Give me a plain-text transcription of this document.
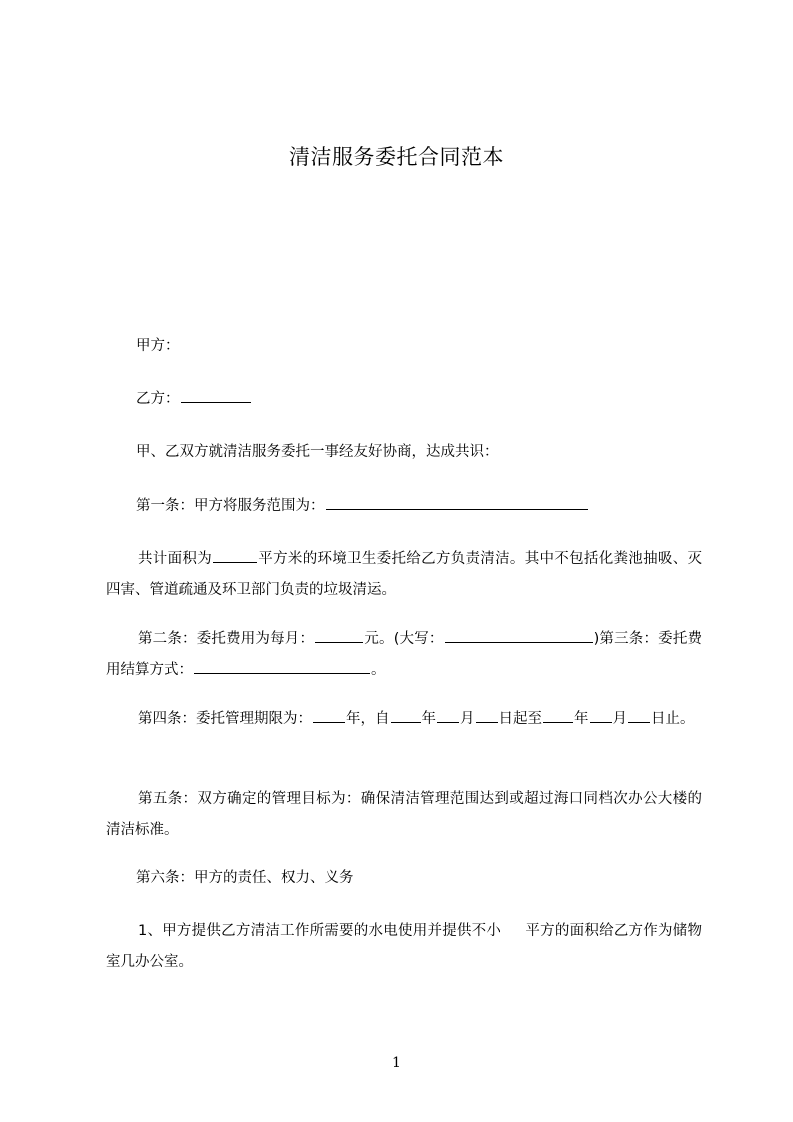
清洁服务委托合同范本
甲方：
乙方：
甲、乙双方就清洁服务委托一事经友好协商，达成共识：
第一条：甲方将服务范围为：
共计面积为	平方米的环境卫生委托给乙方负责清洁。其中不包括化粪池抽吸、灭四害、管道疏通及环卫部门负责的垃圾清运。
第二条：委托费用为每月：	元。(大写：	)第三条：委托费用结算方式：	。
第四条：委托管理期限为： 年，自 年 月 日起至 年 月 日止。
第五条：双方确定的管理目标为：确保清洁管理范围达到或超过海口同档次办公大楼的清洁标准。
第六条：甲方的责任、权力、义务
1、甲方提供乙方清洁工作所需要的水电使用并提供不小 平方的面积给乙方作为储物室几办公室。
1
